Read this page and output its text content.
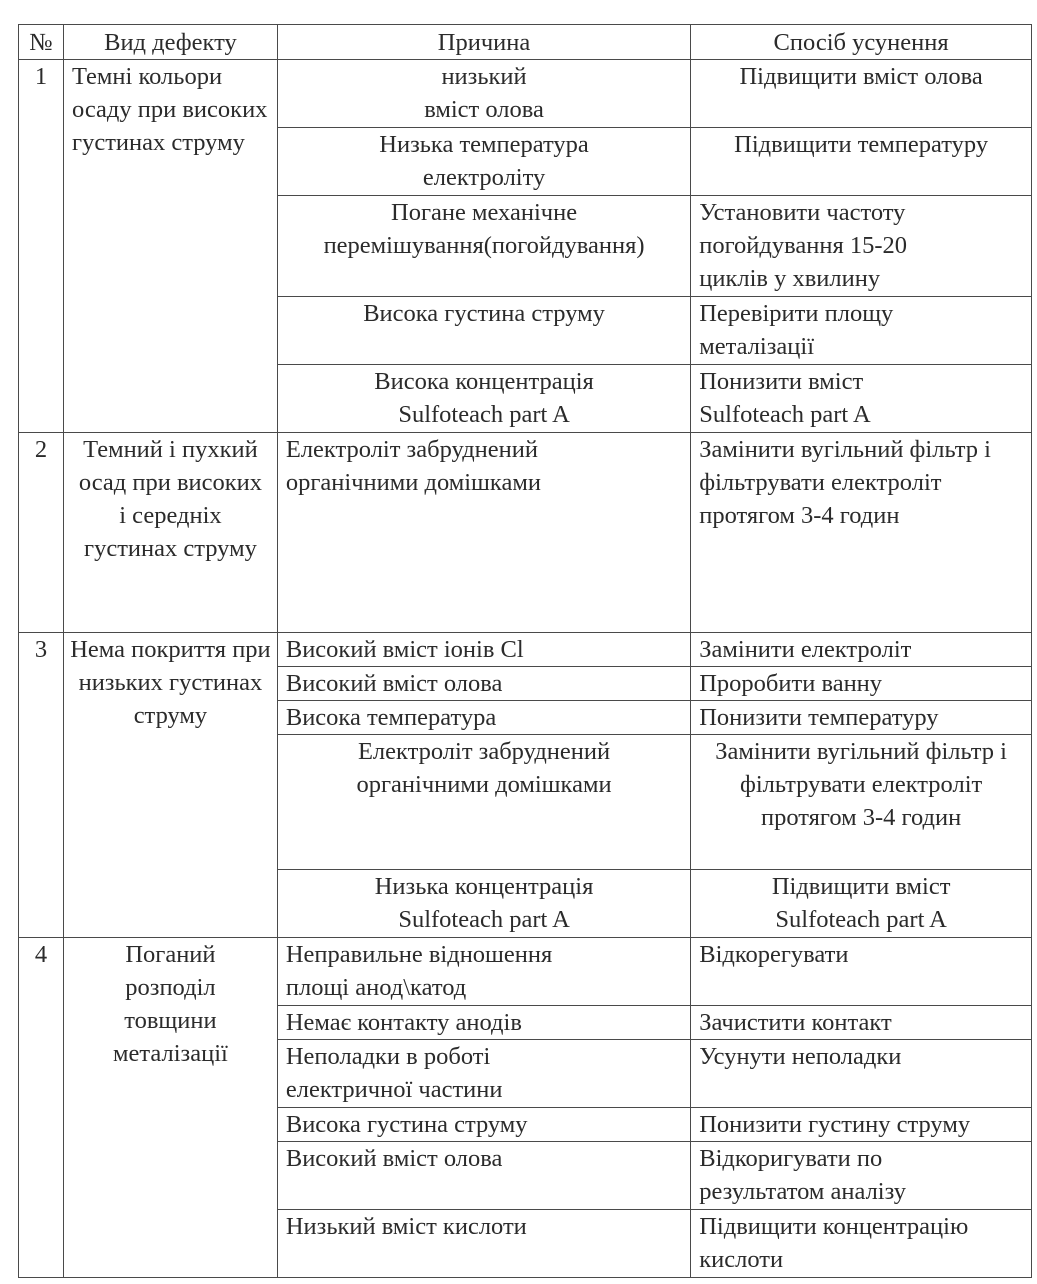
№	Вид дефекту	Причина	Спосіб усунення
1	Темні кольори осаду при високих густинах струму	низький вміст олова	Підвищити вміст олова
		Низька температура електроліту	Підвищити температуру
		Погане механічне перемішування(погойдування)	Установити частоту погойдування 15-20 циклів у хвилину
		Висока густина струму	Перевірити площу металізації
		Висока концентрація Sulfoteach part A	Понизити вміст Sulfoteach part A
2	Темний і пухкий осад при високих і середніх густинах струму	Електроліт забруднений органічними домішками	Замінити вугільний фільтр і фільтрувати електроліт протягом 3-4 годин
3	Нема покриття при низьких густинах струму	Високий вміст іонів Cl	Замінити електроліт
		Високий вміст олова	Проробити ванну
		Висока температура	Понизити температуру
		Електроліт забруднений органічними домішками	Замінити вугільний фільтр і фільтрувати електроліт протягом 3-4 годин
		Низька концентрація Sulfoteach part A	Підвищити вміст Sulfoteach part A
4	Поганий розподіл товщини металізації	Неправильне відношення площі анод\катод	Відкорегувати
		Немає контакту анодів	Зачистити контакт
		Неполадки в роботі електричної частини	Усунути неполадки
		Висока густина струму	Понизити густину струму
		Високий вміст олова	Відкоригувати по результатом аналізу
		Низький вміст кислоти	Підвищити концентрацію кислоти
